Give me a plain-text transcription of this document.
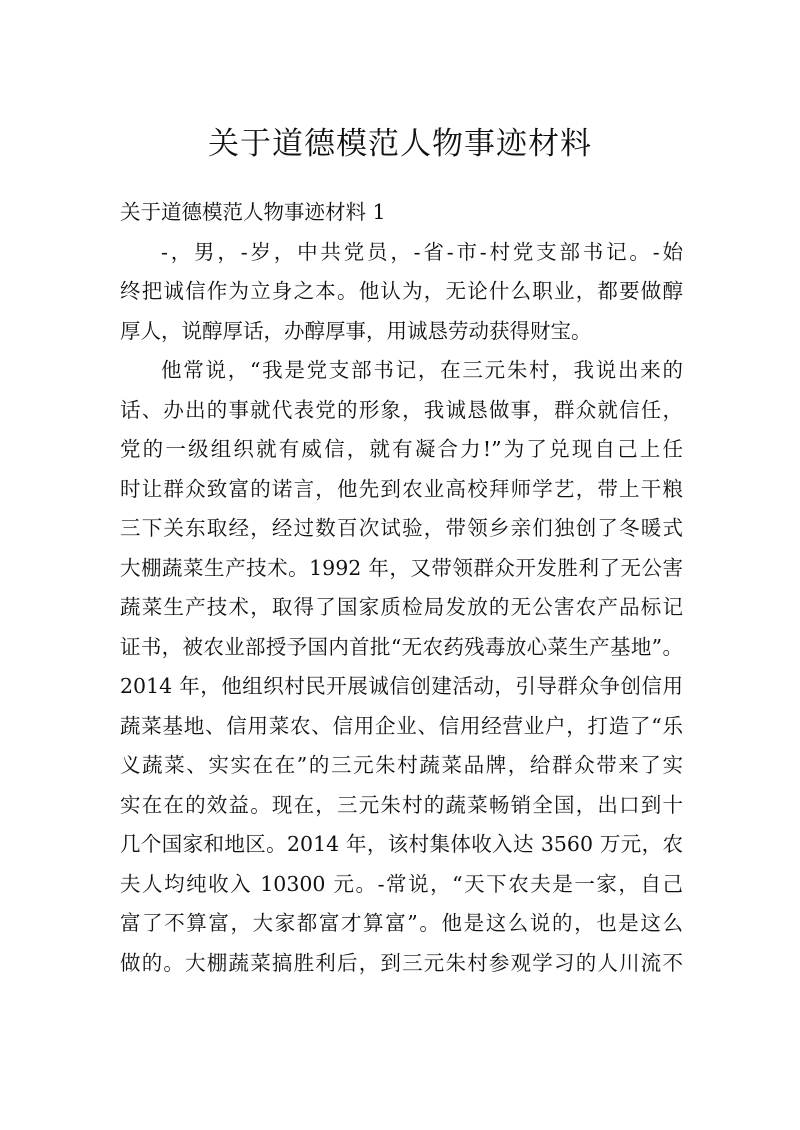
关于道德模范人物事迹材料
关于道德模范人物事迹材料 1
-，男，-岁，中共党员，-省-市-村党支部书记。-始
终把诚信作为立身之本。他认为，无论什么职业，都要做醇
厚人，说醇厚话，办醇厚事，用诚恳劳动获得财宝。
他常说，“我是党支部书记，在三元朱村，我说出来的
话、办出的事就代表党的形象，我诚恳做事，群众就信任，
党的一级组织就有威信，就有凝合力!”为了兑现自己上任
时让群众致富的诺言，他先到农业高校拜师学艺，带上干粮
三下关东取经，经过数百次试验，带领乡亲们独创了冬暖式
大棚蔬菜生产技术。1992 年，又带领群众开发胜利了无公害
蔬菜生产技术，取得了国家质检局发放的无公害农产品标记
证书，被农业部授予国内首批“无农药残毒放心菜生产基地”。
2014 年，他组织村民开展诚信创建活动，引导群众争创信用
蔬菜基地、信用菜农、信用企业、信用经营业户，打造了“乐
义蔬菜、实实在在”的三元朱村蔬菜品牌，给群众带来了实
实在在的效益。现在，三元朱村的蔬菜畅销全国，出口到十
几个国家和地区。2014 年，该村集体收入达 3560 万元，农
夫人均纯收入 10300 元。-常说，“天下农夫是一家，自己
富了不算富，大家都富才算富”。他是这么说的，也是这么
做的。大棚蔬菜搞胜利后，到三元朱村参观学习的人川流不
